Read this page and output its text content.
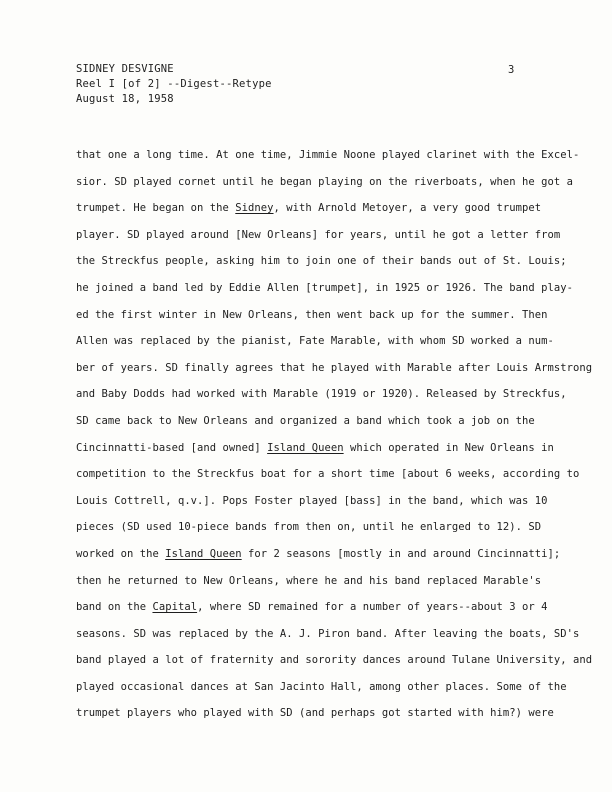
SIDNEY DESVIGNE
Reel I [of 2] --Digest--Retype
August 18, 1958
3
that one a long time. At one time, Jimmie Noone played clarinet with the Excel-
sior. SD played cornet until he began playing on the riverboats, when he got a
trumpet. He began on the Sidney, with Arnold Metoyer, a very good trumpet
player. SD played around [New Orleans] for years, until he got a letter from
the Streckfus people, asking him to join one of their bands out of St. Louis;
he joined a band led by Eddie Allen [trumpet], in 1925 or 1926. The band play-
ed the first winter in New Orleans, then went back up for the summer. Then
Allen was replaced by the pianist, Fate Marable, with whom SD worked a num-
ber of years. SD finally agrees that he played with Marable after Louis Armstrong
and Baby Dodds had worked with Marable (1919 or 1920). Released by Streckfus,
SD came back to New Orleans and organized a band which took a job on the
Cincinnatti-based [and owned] Island Queen which operated in New Orleans in
competition to the Streckfus boat for a short time [about 6 weeks, according to
Louis Cottrell, q.v.]. Pops Foster played [bass] in the band, which was 10
pieces (SD used 10-piece bands from then on, until he enlarged to 12). SD
worked on the Island Queen for 2 seasons [mostly in and around Cincinnatti];
then he returned to New Orleans, where he and his band replaced Marable's
band on the Capital, where SD remained for a number of years--about 3 or 4
seasons. SD was replaced by the A. J. Piron band. After leaving the boats, SD's
band played a lot of fraternity and sorority dances around Tulane University, and
played occasional dances at San Jacinto Hall, among other places. Some of the
trumpet players who played with SD (and perhaps got started with him?) were
